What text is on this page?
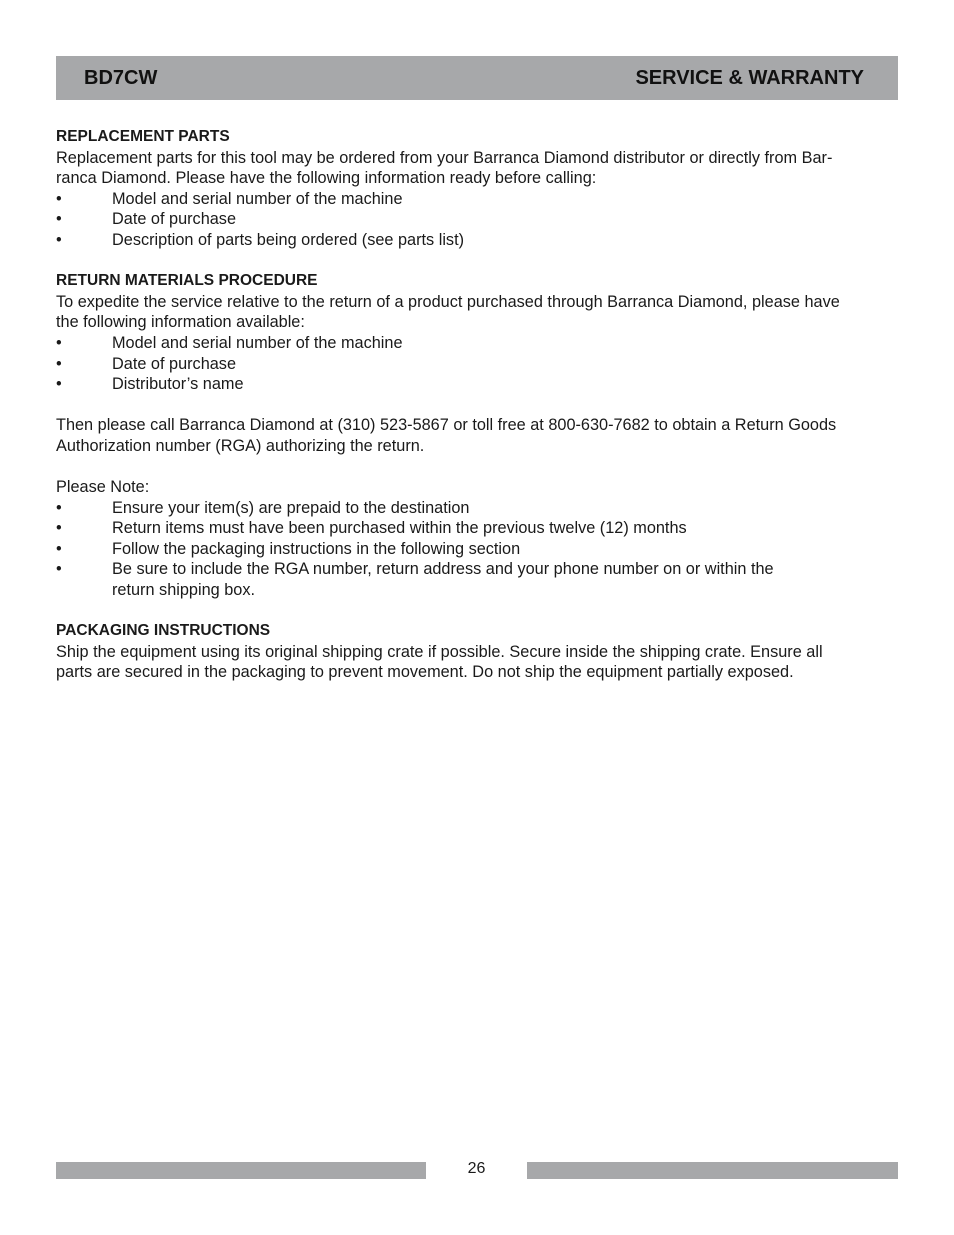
BD7CW	SERVICE & WARRANTY

REPLACEMENT PARTS

Replacement parts for this tool may be ordered from your Barranca Diamond distributor or directly from Bar-

ranca Diamond. Please have the following information ready before calling:

•	Model and serial number of the machine
•	Date of purchase
•	Description of parts being ordered (see parts list)

RETURN MATERIALS PROCEDURE

To expedite the service relative to the return of a product purchased through Barranca Diamond, please have

the following information available:

•	Model and serial number of the machine
•	Date of purchase
•	Distributor’s name

Then please call Barranca Diamond at (310) 523-5867 or toll free at 800-630-7682 to obtain a Return Goods

Authorization number (RGA) authorizing the return.

Please Note:

•	Ensure your item(s) are prepaid to the destination
•	Return items must have been purchased within the previous twelve (12) months
•	Follow the packaging instructions in the following section
•	Be sure to include the RGA number, return address and your phone number on or within the
return shipping box.

PACKAGING INSTRUCTIONS

Ship the equipment using its original shipping crate if possible. Secure inside the shipping crate. Ensure all

parts are secured in the packaging to prevent movement. Do not ship the equipment partially exposed.

26
